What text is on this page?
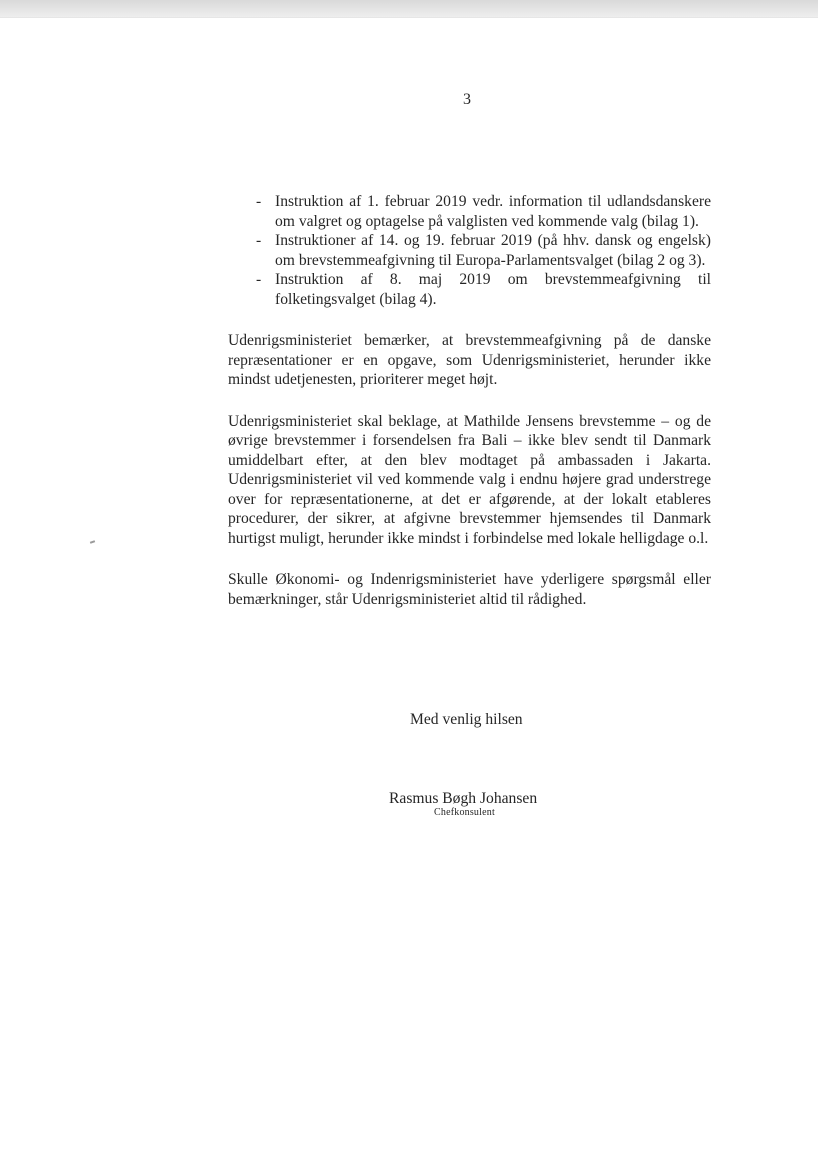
3
- Instruktion af 1. februar 2019 vedr. information til udlandsdanskere om valgret og optagelse på valglisten ved kommende valg (bilag 1).
- Instruktioner af 14. og 19. februar 2019 (på hhv. dansk og engelsk) om brevstemmeafgivning til Europa-Parlamentsvalget (bilag 2 og 3).
- Instruktion af 8. maj 2019 om brevstemmeafgivning til folketingsvalget (bilag 4).

Udenrigsministeriet bemærker, at brevstemmeafgivning på de danske repræsentationer er en opgave, som Udenrigsministeriet, herunder ikke mindst udetjenesten, prioriterer meget højt.

Udenrigsministeriet skal beklage, at Mathilde Jensens brevstemme – og de øvrige brevstemmer i forsendelsen fra Bali – ikke blev sendt til Danmark umiddelbart efter, at den blev modtaget på ambassaden i Jakarta. Udenrigsministeriet vil ved kommende valg i endnu højere grad understrege over for repræsentationerne, at det er afgørende, at der lokalt etableres procedurer, der sikrer, at afgivne brevstemmer hjemsendes til Danmark hurtigst muligt, herunder ikke mindst i forbindelse med lokale helligdage o.l.

Skulle Økonomi- og Indenrigsministeriet have yderligere spørgsmål eller bemærkninger, står Udenrigsministeriet altid til rådighed.

Med venlig hilsen
Rasmus Bøgh Johansen
Chefkonsulent
